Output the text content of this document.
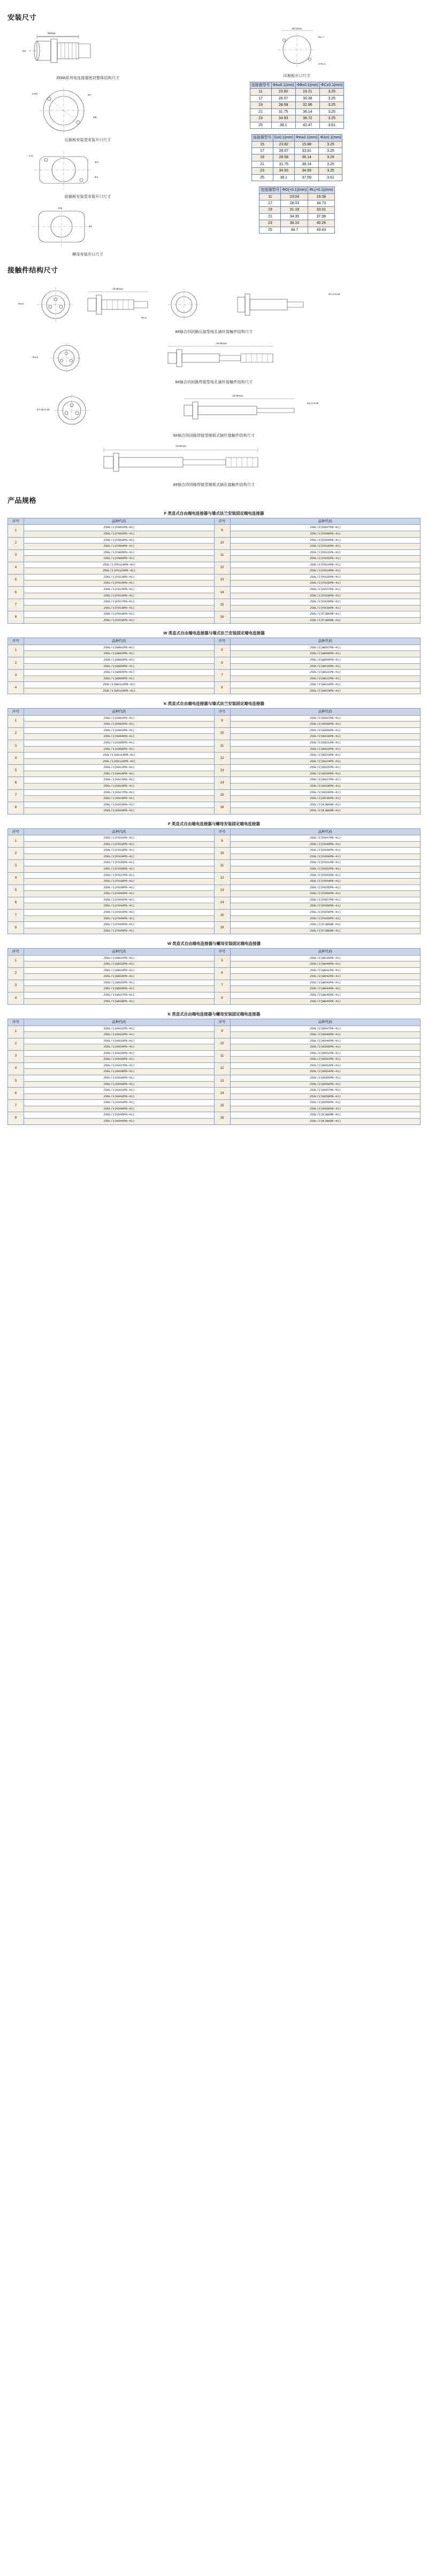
安装尺寸
16max
Φ6
J59M系列电连接器密封整体结构尺寸
ΦA
ΦB
2-ΦC
后插板安装型安装开口尺寸
ΦH
ΦJ
2-G
前插板安装型安装开口尺寸
ΦG
ΦL
螺母安装开口尺寸
Φ0.5max
Φ1.7
4-Φ1.1
印制板开口尺寸
连接器型号	ΦA±0.1(mm)	ΦB±0.1(mm)	ΦC±0.1(mm)
11	23.82	19.21	3.25
17	28.07	30.38	3.25
19	28.58	32.96	3.25
21	31.75	36.14	3.25
23	34.93	38.72	3.25
25	38.1	42.47	3.61
连接器型号	G±0.1(mm)	ΦH±0.1(mm)	ΦJ±0.1(mm)
15	23.82	15.88	3.25
17	28.07	33.81	3.25
19	28.58	36.14	3.25
21	31.75	38.14	3.25
23	34.93	34.93	3.25
25	38.1	37.59	3.61
连接器型号	ΦG(+0.1)(mm)	ΦL(+0.1)(mm)
11	23.04	19.38
17	28.03	34.73
19	31.19	33.01
21	34.35	37.08
23	38.10	40.26
25	44.7	43.43
接触件结构尺寸
19.05max
Φ3.8
Φ1.6
Φ1.0+0.05
8#插合四回路压接型电孔插针接触件结构尺寸
19.05max
Φ3.8
8#插合四回路焊接型电孔插针接触件结构尺寸
19.05max
Φ1.0+0.05
Φ7.65+0.05
8#插合四回路焊接型制板式插针接触件结构尺寸
19.05max
8#插合四回路焊接型制板式插孔接触件结构尺寸
产品规格
F 类直式自由端电连接器与墙式法兰安装固定端电连接器
序号	品种代码	序号	品种代码
1	J59L/1)F001PN-41)	9	J59L/2)F007PN-41)
	J59L/1)F002PN-41)		J59L/2)F008PN-41)
2	J59L/1)F003PN-41)	10	J59L/2)F009PN-41)
	J59L/1)F004PN-41)		J59L/2)F010PN-41)
3	J59L/1)F005PN-41)	11	J59L/2)F021PN-41)
	J59L/1)F006PN-41)		J59L/2)F022PN-41)
4	J59L/1)F011APN-41)	12	J59L/2)F023PN-41)
	J59L/1)F012APN-41)		J59L/2)F024PN-41)
5	J59L/1)F013PN-41)	13	J59L/2)F025PN-41)
	J59L/1)F014PN-41)		J59L/2)F026PN-41)
6	J59L/1)F015PN-41)	14	J59L/2)F027PN-41)
	J59L/1)F016PN-41)		J59L/2)F028PN-41)
7	J59L/1)F017PN-41)	15	J59L/2)F029PN-41)
	J59L/1)F018PN-41)		J59L/2)F030PN-41)
8	J59L/1)F019PN-41)	16	J59L/2)F)B0DR-41)
	J59L/1)F020PN-41)		J59L/2)F)B0DR-41)
W 类直式自由端电连接器与墙式法兰安装固定端电连接器
序号	品种代码	序号	品种代码
1	J59L/1)W001PN-41)	5	J59L/2)W007PN-41)
	J59L/1)W002PN-41)		J59L/2)W008PN-41)
2	J59L/1)W003PN-41)	6	J59L/2)W009PN-41)
	J59L/1)W004PN-41)		J59L/2)W010PN-41)
3	J59L/1)W005PN-41)	7	J59L/2)W021PN-41)
	J59L/1)W006PN-41)		J59L/2)W022PN-41)
4	J59L/1)W011APN-41)	8	J59L/2)W023PN-41)
	J59L/1)W012APN-41)		J59L/2)W024PN-41)
K 类直式自由端电连接器与墙式法兰安装固定端电连接器
序号	品种代码	序号	品种代码
1	J59L/1)K001PN-41)	9	J59L/2)K007PN-41)
	J59L/1)K002PN-41)		J59L/2)K008PN-41)
2	J59L/1)K003PN-41)	10	J59L/2)K009PN-41)
	J59L/1)K004PN-41)		J59L/2)K010PN-41)
3	J59L/1)K005PN-41)	11	J59L/2)K021PN-41)
	J59L/1)K006PN-41)		J59L/2)K022PN-41)
4	J59L/1)K011APN-41)	12	J59L/2)K023PN-41)
	J59L/1)K012APN-41)		J59L/2)K024PN-41)
5	J59L/1)K013PN-41)	13	J59L/2)K025PN-41)
	J59L/1)K014PN-41)		J59L/2)K026PN-41)
6	J59L/1)K015PN-41)	14	J59L/2)K027PN-41)
	J59L/1)K016PN-41)		J59L/2)K028PN-41)
7	J59L/1)K017PN-41)	15	J59L/2)K029PN-41)
	J59L/1)K018PN-41)		J59L/2)K030PN-41)
8	J59L/1)K019PN-41)	16	J59L/2)K)B0DR-41)
	J59L/1)K020PN-41)		J59L/2)K)B0DR-41)
F 类直式自由端电连接器与螺母安装固定端电连接器
序号	品种代码	序号	品种代码
1	J59L/1)F031PN-41)	9	J59L/2)F047PN-41)
	J59L/1)F032PN-41)		J59L/2)F048PN-41)
2	J59L/1)F033PN-41)	10	J59L/2)F049PN-41)
	J59L/1)F034PN-41)		J59L/2)F050PN-41)
3	J59L/1)F035PN-41)	11	J59L/2)F051PN-41)
	J59L/1)F036PN-41)		J59L/2)F052PN-41)
4	J59L/1)F037PN-41)	12	J59L/2)F053PN-41)
	J59L/1)F038PN-41)		J59L/2)F054PN-41)
5	J59L/1)F039PN-41)	13	J59L/2)F055PN-41)
	J59L/1)F040PN-41)		J59L/2)F056PN-41)
6	J59L/1)F041PN-41)	14	J59L/2)F057PN-41)
	J59L/1)F042PN-41)		J59L/2)F058PN-41)
7	J59L/1)F043PN-41)	15	J59L/2)F059PN-41)
	J59L/1)F044PN-41)		J59L/2)F060PN-41)
8	J59L/1)F045PN-41)	16	J59L/2)F)B0DR-41)
	J59L/1)F046PN-41)		J59L/2)F)B0DR-41)
W 类直式自由端电连接器与螺母安装固定端电连接器
序号	品种代码	序号	品种代码
1	J59L/1)W031PN-41)	5	J59L/2)W039PN-41)
	J59L/1)W032PN-41)		J59L/2)W040PN-41)
2	J59L/1)W033PN-41)	6	J59L/2)W041PN-41)
	J59L/1)W034PN-41)		J59L/2)W042PN-41)
3	J59L/1)W035PN-41)	7	J59L/2)W043PN-41)
	J59L/1)W036PN-41)		J59L/2)W044PN-41)
4	J59L/1)W037PN-41)	8	J59L/2)W045PN-41)
	J59L/1)W038PN-41)		J59L/2)W046PN-41)
K 类直式自由端电连接器与螺母安装固定端电连接器
序号	品种代码	序号	品种代码
1	J59L/1)K031PN-41)	9	J59L/2)K047PN-41)
	J59L/1)K032PN-41)		J59L/2)K048PN-41)
2	J59L/1)K033PN-41)	10	J59L/2)K049PN-41)
	J59L/1)K034PN-41)		J59L/2)K050PN-41)
3	J59L/1)K035PN-41)	11	J59L/2)K051PN-41)
	J59L/1)K036PN-41)		J59L/2)K052PN-41)
4	J59L/1)K037PN-41)	12	J59L/2)K053PN-41)
	J59L/1)K038PN-41)		J59L/2)K054PN-41)
5	J59L/1)K039PN-41)	13	J59L/2)K055PN-41)
	J59L/1)K040PN-41)		J59L/2)K056PN-41)
6	J59L/1)K041PN-41)	14	J59L/2)K057PN-41)
	J59L/1)K042PN-41)		J59L/2)K058PN-41)
7	J59L/1)K043PN-41)	15	J59L/2)K059PN-41)
	J59L/1)K044PN-41)		J59L/2)K060PN-41)
8	J59L/1)K045PN-41)	16	J59L/2)K)B0DR-41)
	J59L/1)K046PN-41)		J59L/2)K)B0DR-41)
